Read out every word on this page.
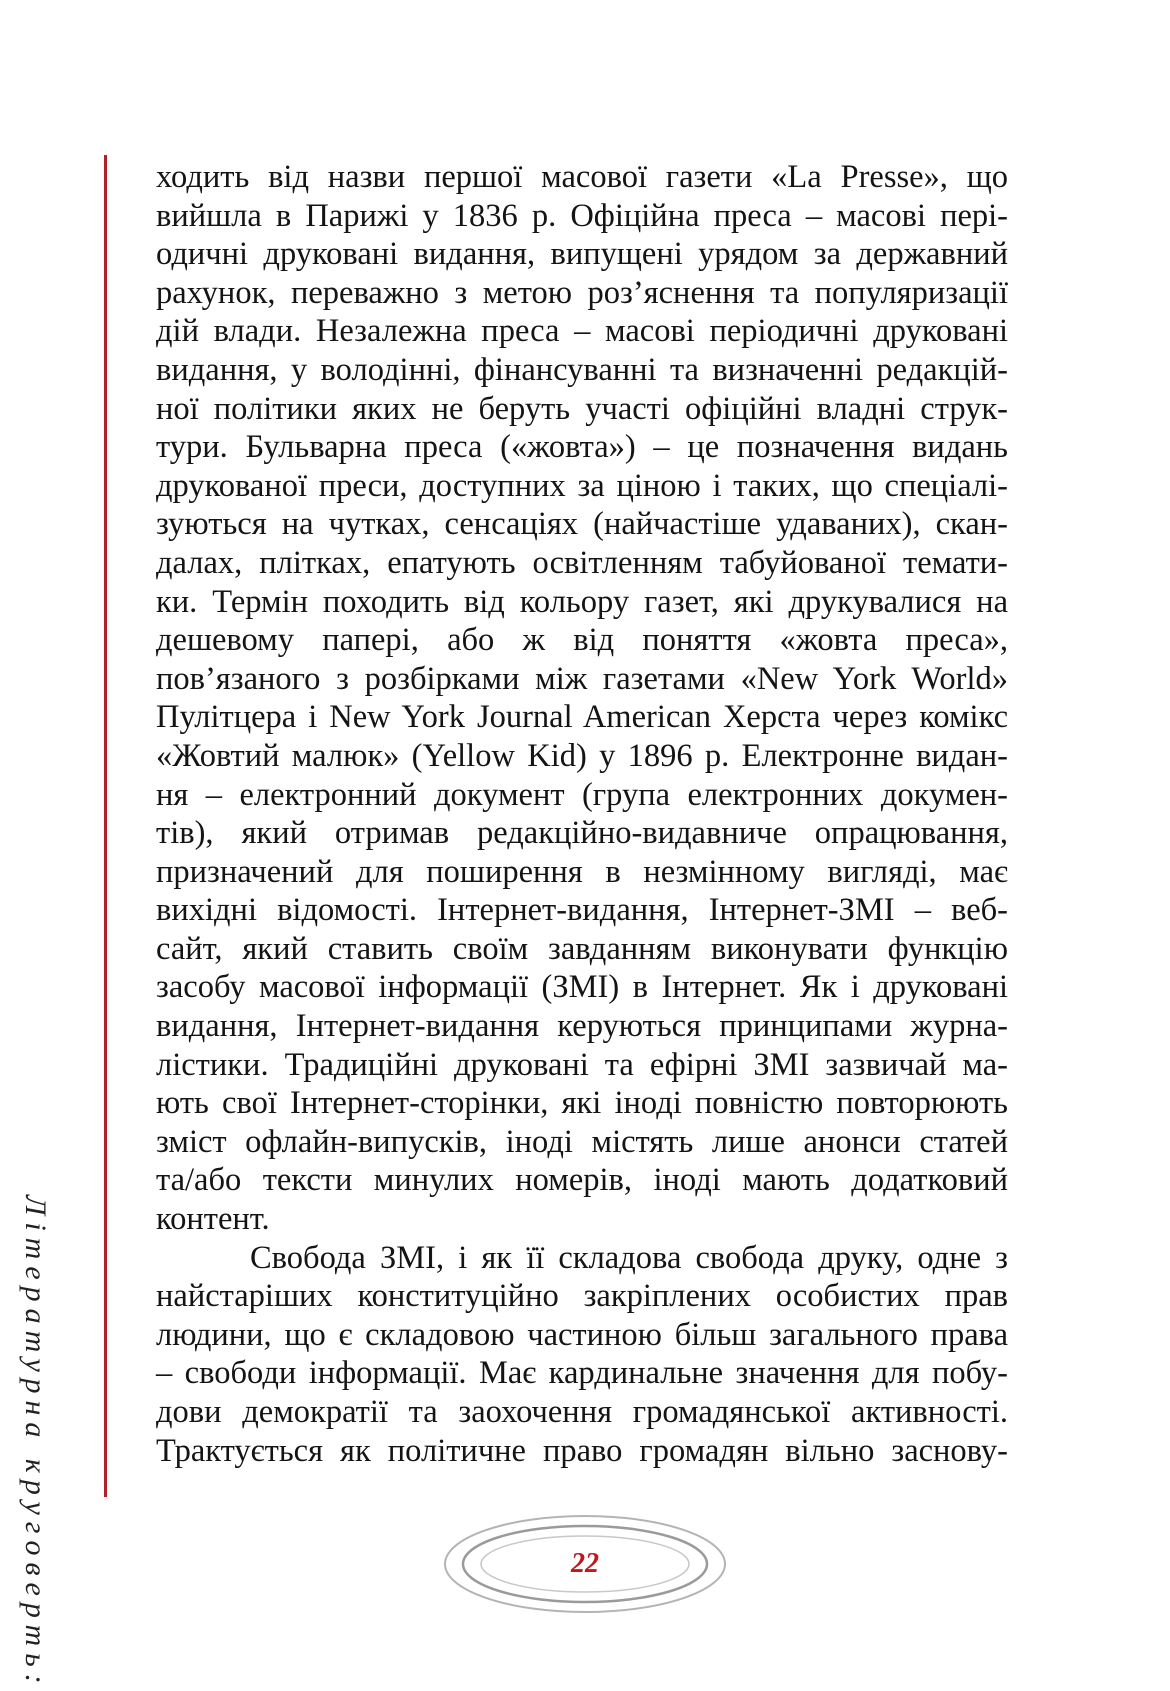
Літературна круговерть:
ходить від назви першої масової газети «La Presse», що
вийшла в Парижі у 1836 р. Офіційна преса – масові пері-
одичні друковані видання, випущені урядом за державний
рахунок, переважно з метою роз’яснення та популяризації
дій влади. Незалежна преса – масові періодичні друковані
видання, у володінні, фінансуванні та визначенні редакцій-
ної політики яких не беруть участі офіційні владні струк-
тури. Бульварна преса («жовта») – це позначення видань
друкованої преси, доступних за ціною і таких, що спеціалі-
зуються на чутках, сенсаціях (найчастіше удаваних), скан-
далах, плітках, епатують освітленням табуйованої темати-
ки. Термін походить від кольору газет, які друкувалися на
дешевому папері, або ж від поняття «жовта преса»,
пов’язаного з розбірками між газетами «New York World»
Пулітцера і New York Journal American Херста через комікс
«Жовтий малюк» (Yellow Kid) у 1896 р. Електронне видан-
ня – електронний документ (група електронних докумен-
тів), який отримав редакційно-видавниче опрацювання,
призначений для поширення в незмінному вигляді, має
вихідні відомості. Інтернет-видання, Інтернет-ЗМІ – веб-
сайт, який ставить своїм завданням виконувати функцію
засобу масової інформації (ЗМІ) в Інтернет. Як і друковані
видання, Інтернет-видання керуються принципами журна-
лістики. Традиційні друковані та ефірні ЗМІ зазвичай ма-
ють свої Інтернет-сторінки, які іноді повністю повторюють
зміст офлайн-випусків, іноді містять лише анонси статей
та/або тексти минулих номерів, іноді мають додатковий
контент.
Свобода ЗМІ, і як її складова свобода друку, одне з
найстаріших конституційно закріплених особистих прав
людини, що є складовою частиною більш загального права
– свободи інформації. Має кардинальне значення для побу-
дови демократії та заохочення громадянської активності.
Трактується як політичне право громадян вільно заснову-
22
